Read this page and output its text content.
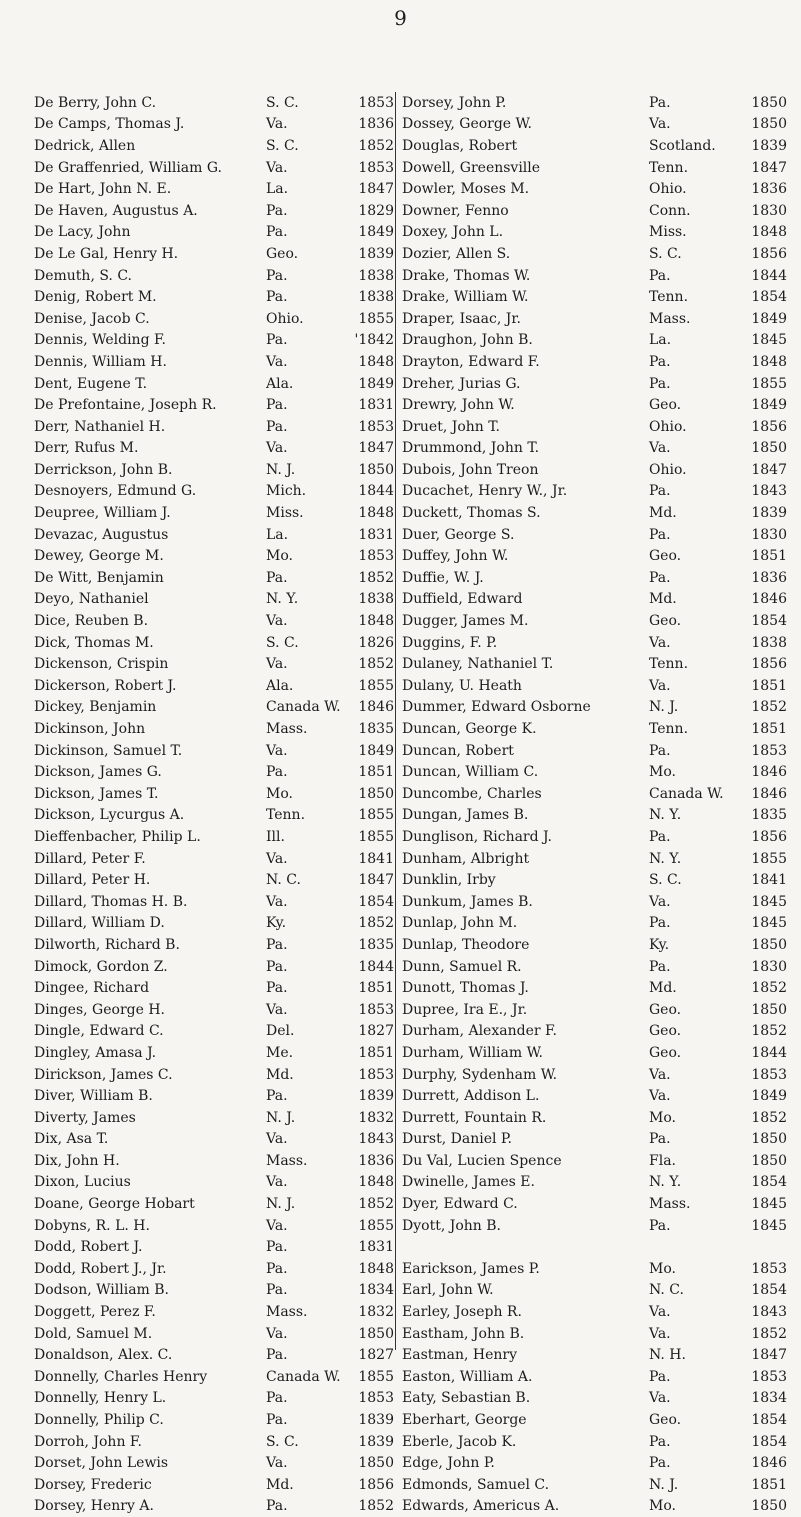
9
De Berry, John C.	S. C.	1853
De Camps, Thomas J.	Va.	1836
Dedrick, Allen	S. C.	1852
De Graffenried, William G.	Va.	1853
De Hart, John N. E.	La.	1847
De Haven, Augustus A.	Pa.	1829
De Lacy, John	Pa.	1849
De Le Gal, Henry H.	Geo.	1839
Demuth, S. C.	Pa.	1838
Denig, Robert M.	Pa.	1838
Denise, Jacob C.	Ohio.	1855
Dennis, Welding F.	Pa.	'1842
Dennis, William H.	Va.	1848
Dent, Eugene T.	Ala.	1849
De Prefontaine, Joseph R.	Pa.	1831
Derr, Nathaniel H.	Pa.	1853
Derr, Rufus M.	Va.	1847
Derrickson, John B.	N. J.	1850
Desnoyers, Edmund G.	Mich.	1844
Deupree, William J.	Miss.	1848
Devazac, Augustus	La.	1831
Dewey, George M.	Mo.	1853
De Witt, Benjamin	Pa.	1852
Deyo, Nathaniel	N. Y.	1838
Dice, Reuben B.	Va.	1848
Dick, Thomas M.	S. C.	1826
Dickenson, Crispin	Va.	1852
Dickerson, Robert J.	Ala.	1855
Dickey, Benjamin	Canada W.	1846
Dickinson, John	Mass.	1835
Dickinson, Samuel T.	Va.	1849
Dickson, James G.	Pa.	1851
Dickson, James T.	Mo.	1850
Dickson, Lycurgus A.	Tenn.	1855
Dieffenbacher, Philip L.	Ill.	1855
Dillard, Peter F.	Va.	1841
Dillard, Peter H.	N. C.	1847
Dillard, Thomas H. B.	Va.	1854
Dillard, William D.	Ky.	1852
Dilworth, Richard B.	Pa.	1835
Dimock, Gordon Z.	Pa.	1844
Dingee, Richard	Pa.	1851
Dinges, George H.	Va.	1853
Dingle, Edward C.	Del.	1827
Dingley, Amasa J.	Me.	1851
Dirickson, James C.	Md.	1853
Diver, William B.	Pa.	1839
Diverty, James	N. J.	1832
Dix, Asa T.	Va.	1843
Dix, John H.	Mass.	1836
Dixon, Lucius	Va.	1848
Doane, George Hobart	N. J.	1852
Dobyns, R. L. H.	Va.	1855
Dodd, Robert J.	Pa.	1831
Dodd, Robert J., Jr.	Pa.	1848
Dodson, William B.	Pa.	1834
Doggett, Perez F.	Mass.	1832
Dold, Samuel M.	Va.	1850
Donaldson, Alex. C.	Pa.	1827
Donnelly, Charles Henry	Canada W.	1855
Donnelly, Henry L.	Pa.	1853
Donnelly, Philip C.	Pa.	1839
Dorroh, John F.	S. C.	1839
Dorset, John Lewis	Va.	1850
Dorsey, Frederic	Md.	1856
Dorsey, Henry A.	Pa.	1852
Dorsey, John P.	Pa.	1850
Dossey, George W.	Va.	1850
Douglas, Robert	Scotland.	1839
Dowell, Greensville	Tenn.	1847
Dowler, Moses M.	Ohio.	1836
Downer, Fenno	Conn.	1830
Doxey, John L.	Miss.	1848
Dozier, Allen S.	S. C.	1856
Drake, Thomas W.	Pa.	1844
Drake, William W.	Tenn.	1854
Draper, Isaac, Jr.	Mass.	1849
Draughon, John B.	La.	1845
Drayton, Edward F.	Pa.	1848
Dreher, Jurias G.	Pa.	1855
Drewry, John W.	Geo.	1849
Druet, John T.	Ohio.	1856
Drummond, John T.	Va.	1850
Dubois, John Treon	Ohio.	1847
Ducachet, Henry W., Jr.	Pa.	1843
Duckett, Thomas S.	Md.	1839
Duer, George S.	Pa.	1830
Duffey, John W.	Geo.	1851
Duffie, W. J.	Pa.	1836
Duffield, Edward	Md.	1846
Dugger, James M.	Geo.	1854
Duggins, F. P.	Va.	1838
Dulaney, Nathaniel T.	Tenn.	1856
Dulany, U. Heath	Va.	1851
Dummer, Edward Osborne	N. J.	1852
Duncan, George K.	Tenn.	1851
Duncan, Robert	Pa.	1853
Duncan, William C.	Mo.	1846
Duncombe, Charles	Canada W.	1846
Dungan, James B.	N. Y.	1835
Dunglison, Richard J.	Pa.	1856
Dunham, Albright	N. Y.	1855
Dunklin, Irby	S. C.	1841
Dunkum, James B.	Va.	1845
Dunlap, John M.	Pa.	1845
Dunlap, Theodore	Ky.	1850
Dunn, Samuel R.	Pa.	1830
Dunott, Thomas J.	Md.	1852
Dupree, Ira E., Jr.	Geo.	1850
Durham, Alexander F.	Geo.	1852
Durham, William W.	Geo.	1844
Durphy, Sydenham W.	Va.	1853
Durrett, Addison L.	Va.	1849
Durrett, Fountain R.	Mo.	1852
Durst, Daniel P.	Pa.	1850
Du Val, Lucien Spence	Fla.	1850
Dwinelle, James E.	N. Y.	1854
Dyer, Edward C.	Mass.	1845
Dyott, John B.	Pa.	1845
Earickson, James P.	Mo.	1853
Earl, John W.	N. C.	1854
Earley, Joseph R.	Va.	1843
Eastham, John B.	Va.	1852
Eastman, Henry	N. H.	1847
Easton, William A.	Pa.	1853
Eaty, Sebastian B.	Va.	1834
Eberhart, George	Geo.	1854
Eberle, Jacob K.	Pa.	1854
Edge, John P.	Pa.	1846
Edmonds, Samuel C.	N. J.	1851
Edwards, Americus A.	Mo.	1850
